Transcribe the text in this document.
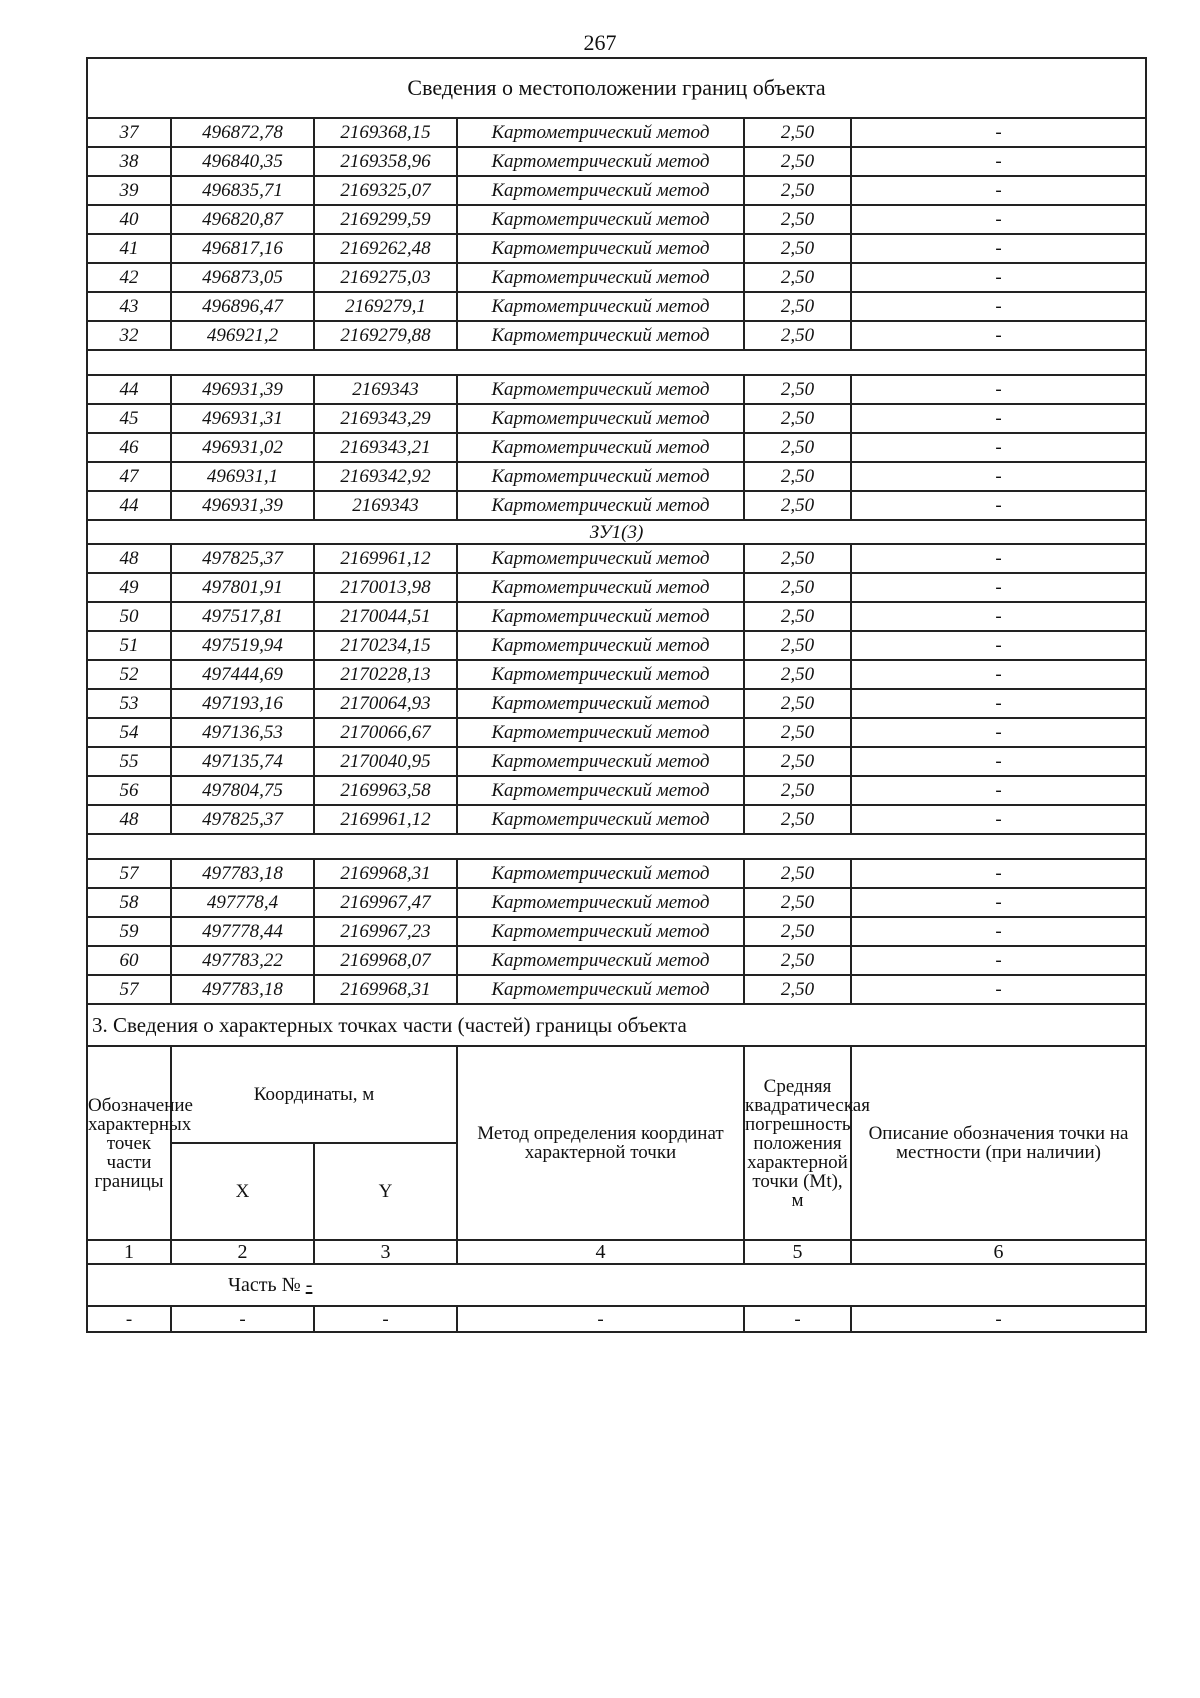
267
Сведения о местоположении границ объекта					
37	496872,78	2169368,15	Картометрический метод	2,50	-
38	496840,35	2169358,96	Картометрический метод	2,50	-
39	496835,71	2169325,07	Картометрический метод	2,50	-
40	496820,87	2169299,59	Картометрический метод	2,50	-
41	496817,16	2169262,48	Картометрический метод	2,50	-
42	496873,05	2169275,03	Картометрический метод	2,50	-
43	496896,47	2169279,1	Картометрический метод	2,50	-
32	496921,2	2169279,88	Картометрический метод	2,50	-

44	496931,39	2169343	Картометрический метод	2,50	-
45	496931,31	2169343,29	Картометрический метод	2,50	-
46	496931,02	2169343,21	Картометрический метод	2,50	-
47	496931,1	2169342,92	Картометрический метод	2,50	-
44	496931,39	2169343	Картометрический метод	2,50	-
ЗУ1(3)					
48	497825,37	2169961,12	Картометрический метод	2,50	-
49	497801,91	2170013,98	Картометрический метод	2,50	-
50	497517,81	2170044,51	Картометрический метод	2,50	-
51	497519,94	2170234,15	Картометрический метод	2,50	-
52	497444,69	2170228,13	Картометрический метод	2,50	-
53	497193,16	2170064,93	Картометрический метод	2,50	-
54	497136,53	2170066,67	Картометрический метод	2,50	-
55	497135,74	2170040,95	Картометрический метод	2,50	-
56	497804,75	2169963,58	Картометрический метод	2,50	-
48	497825,37	2169961,12	Картометрический метод	2,50	-

57	497783,18	2169968,31	Картометрический метод	2,50	-
58	497778,4	2169967,47	Картометрический метод	2,50	-
59	497778,44	2169967,23	Картометрический метод	2,50	-
60	497783,22	2169968,07	Картометрический метод	2,50	-
57	497783,18	2169968,31	Картометрический метод	2,50	-
3. Сведения о характерных точках части (частей) границы объекта					
Обозначение характерных точек части границы	Координаты, м		Метод определения координат характерной точки	Средняя квадратическая погрешность положения характерной точки (Mt), м	Описание обозначения точки на местности (при наличии)
	X	Y			
1	2	3	4	5	6
Часть № -					
-	-	-	-	-	-
